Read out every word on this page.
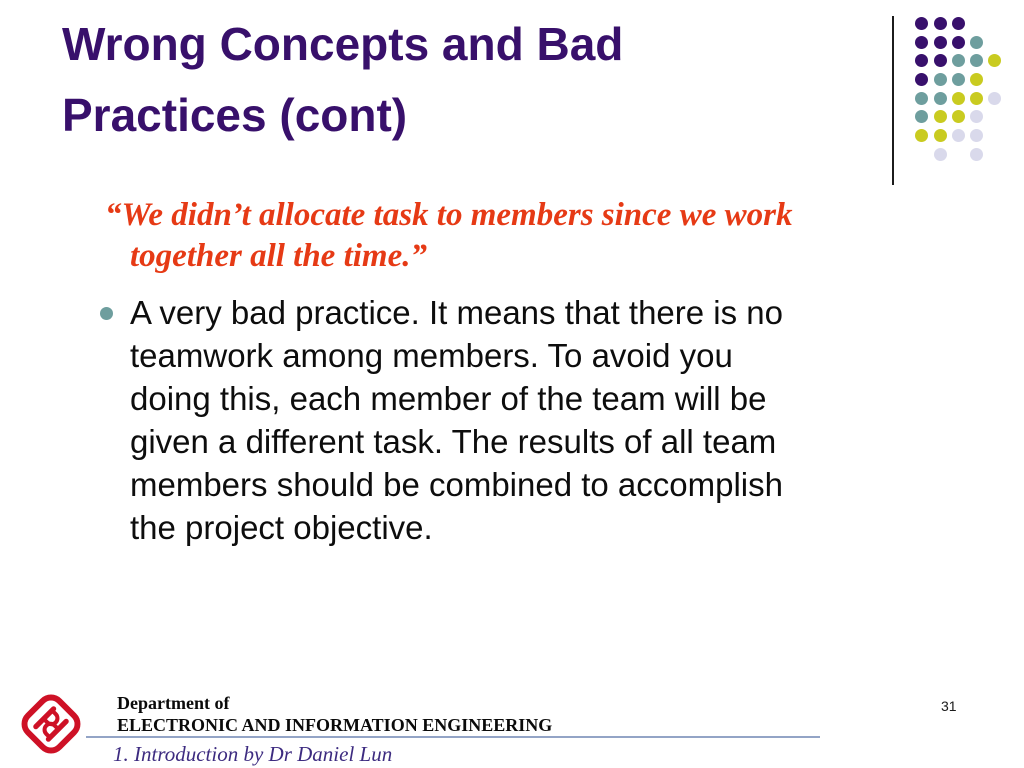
Wrong Concepts and Bad
Practices (cont)
“We didn’t allocate task to members since we work
together all the time.”
A very bad practice. It means that there is no
teamwork among members. To avoid you
doing this, each member of the team will be
given a different task. The results of all team
members should be combined to accomplish
the project objective.
Department of
ELECTRONIC AND INFORMATION ENGINEERING
1. Introduction by Dr Daniel Lun
31
